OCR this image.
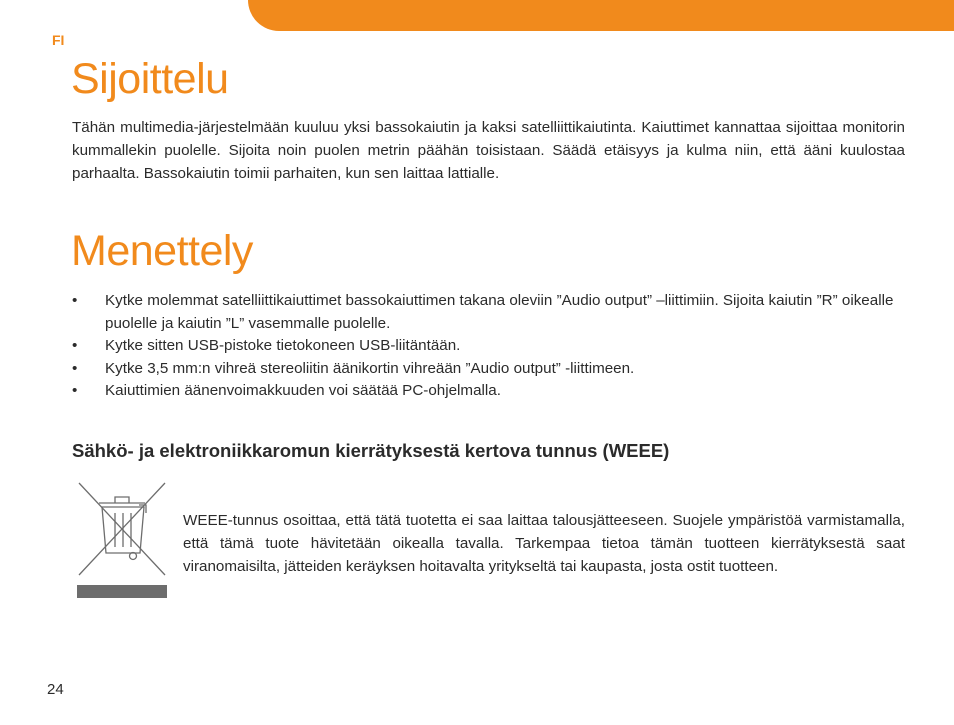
FI
Sijoittelu
Tähän multimedia-järjestelmään kuuluu yksi bassokaiutin ja kaksi satelliittikaiutinta. Kaiuttimet kannattaa sijoittaa monitorin kummallekin puolelle. Sijoita noin puolen metrin päähän toisistaan. Säädä etäisyys ja kulma niin, että ääni kuulostaa parhaalta. Bassokaiutin toimii parhaiten, kun sen laittaa lattialle.
Menettely
• Kytke molemmat satelliittikaiuttimet bassokaiuttimen takana oleviin ”Audio output” –liittimiin. Sijoita kaiutin ”R” oikealle puolelle ja kaiutin ”L” vasemmalle puolelle.
• Kytke sitten USB-pistoke tietokoneen USB-liitäntään.
• Kytke 3,5 mm:n vihreä stereoliitin äänikortin vihreään ”Audio output” -liittimeen.
• Kaiuttimien äänenvoimakkuuden voi säätää PC-ohjelmalla.
Sähkö- ja elektroniikkaromun kierrätyksestä kertova tunnus (WEEE)
WEEE-tunnus osoittaa, että tätä tuotetta ei saa laittaa talousjätteeseen. Suojele ympäristöä varmistamalla, että tämä tuote hävitetään oikealla tavalla. Tarkempaa tietoa tämän tuotteen kierrätyksestä saat viranomaisilta, jätteiden keräyksen hoitavalta yritykseltä tai kaupasta, josta ostit tuotteen.
24
